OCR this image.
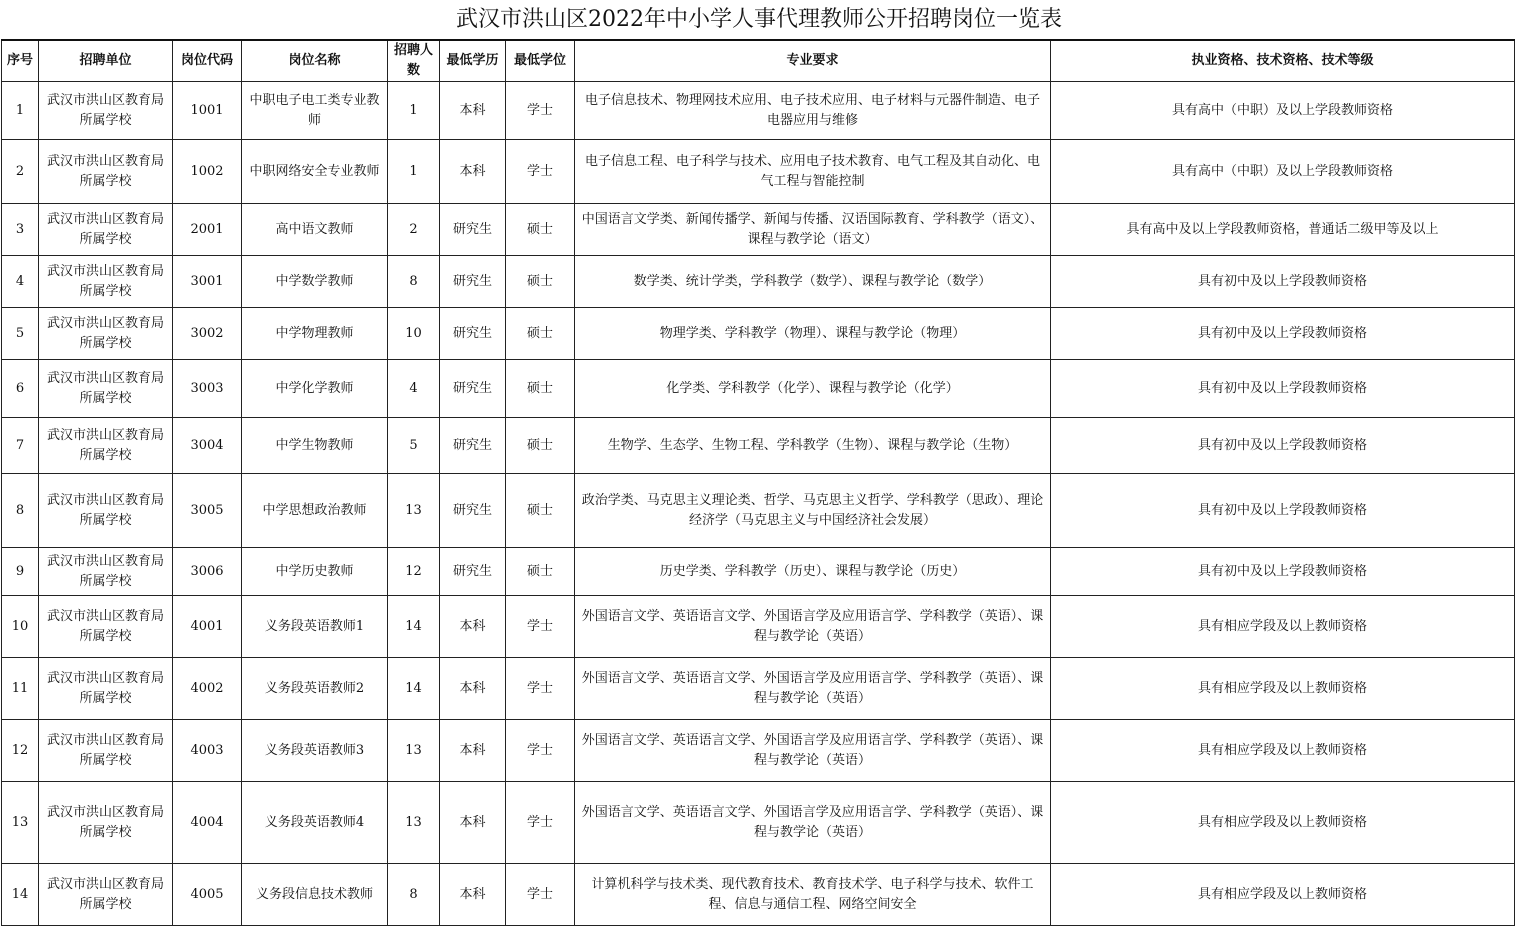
武汉市洪山区2022年中小学人事代理教师公开招聘岗位一览表
序号	招聘单位	岗位代码	岗位名称	招聘人数	最低学历	最低学位	专业要求	执业资格、技术资格、技术等级
1	武汉市洪山区教育局所属学校	1001	中职电子电工类专业教师	1	本科	学士	电子信息技术、物理网技术应用、电子技术应用、电子材料与元器件制造、电子电器应用与维修	具有高中（中职）及以上学段教师资格
2	武汉市洪山区教育局所属学校	1002	中职网络安全专业教师	1	本科	学士	电子信息工程、电子科学与技术、应用电子技术教育、电气工程及其自动化、电气工程与智能控制	具有高中（中职）及以上学段教师资格
3	武汉市洪山区教育局所属学校	2001	高中语文教师	2	研究生	硕士	中国语言文学类、新闻传播学、新闻与传播、汉语国际教育、学科教学（语文）、课程与教学论（语文）	具有高中及以上学段教师资格，普通话二级甲等及以上
4	武汉市洪山区教育局所属学校	3001	中学数学教师	8	研究生	硕士	数学类、统计学类，学科教学（数学）、课程与教学论（数学）	具有初中及以上学段教师资格
5	武汉市洪山区教育局所属学校	3002	中学物理教师	10	研究生	硕士	物理学类、学科教学（物理）、课程与教学论（物理）	具有初中及以上学段教师资格
6	武汉市洪山区教育局所属学校	3003	中学化学教师	4	研究生	硕士	化学类、学科教学（化学）、课程与教学论（化学）	具有初中及以上学段教师资格
7	武汉市洪山区教育局所属学校	3004	中学生物教师	5	研究生	硕士	生物学、生态学、生物工程、学科教学（生物）、课程与教学论（生物）	具有初中及以上学段教师资格
8	武汉市洪山区教育局所属学校	3005	中学思想政治教师	13	研究生	硕士	政治学类、马克思主义理论类、哲学、马克思主义哲学、学科教学（思政）、理论经济学（马克思主义与中国经济社会发展）	具有初中及以上学段教师资格
9	武汉市洪山区教育局所属学校	3006	中学历史教师	12	研究生	硕士	历史学类、学科教学（历史）、课程与教学论（历史）	具有初中及以上学段教师资格
10	武汉市洪山区教育局所属学校	4001	义务段英语教师1	14	本科	学士	外国语言文学、英语语言文学、外国语言学及应用语言学、学科教学（英语）、课程与教学论（英语）	具有相应学段及以上教师资格
11	武汉市洪山区教育局所属学校	4002	义务段英语教师2	14	本科	学士	外国语言文学、英语语言文学、外国语言学及应用语言学、学科教学（英语）、课程与教学论（英语）	具有相应学段及以上教师资格
12	武汉市洪山区教育局所属学校	4003	义务段英语教师3	13	本科	学士	外国语言文学、英语语言文学、外国语言学及应用语言学、学科教学（英语）、课程与教学论（英语）	具有相应学段及以上教师资格
13	武汉市洪山区教育局所属学校	4004	义务段英语教师4	13	本科	学士	外国语言文学、英语语言文学、外国语言学及应用语言学、学科教学（英语）、课程与教学论（英语）	具有相应学段及以上教师资格
14	武汉市洪山区教育局所属学校	4005	义务段信息技术教师	8	本科	学士	计算机科学与技术类、现代教育技术、教育技术学、电子科学与技术、软件工程、信息与通信工程、网络空间安全	具有相应学段及以上教师资格
